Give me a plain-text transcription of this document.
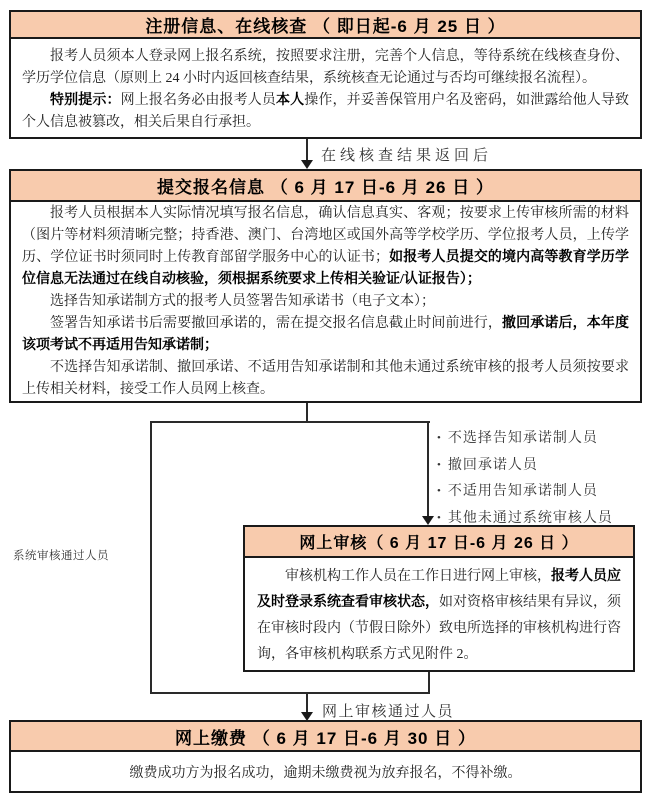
注册信息、在线核查 （ 即日起-6 月 25 日 ）

报考人员须本人登录网上报名系统，按照要求注册，完善个人信息，等待系统在线核查身份、学历学位信息（原则上 24 小时内返回核查结果，系统核查无论通过与否均可继续报名流程）。

特别提示：网上报名务必由报考人员本人操作，并妥善保管用户名及密码，如泄露给他人导致个人信息被篡改，相关后果自行承担。

在线核查结果返回后
提交报名信息 （ 6 月 17 日-6 月 26 日 ）

报考人员根据本人实际情况填写报名信息，确认信息真实、客观；按要求上传审核所需的材料（图片等材料须清晰完整；持香港、澳门、台湾地区或国外高等学校学历、学位报考人员，上传学历、学位证书时须同时上传教育部留学服务中心的认证书；如报考人员提交的境内高等教育学历学位信息无法通过在线自动核验，须根据系统要求上传相关验证/认证报告）；

选择告知承诺制方式的报考人员签署告知承诺书（电子文本）；

签署告知承诺书后需要撤回承诺的，需在提交报名信息截止时间前进行，撤回承诺后，本年度该项考试不再适用告知承诺制；

不选择告知承诺制、撤回承诺、不适用告知承诺制和其他未通过系统审核的报考人员须按要求上传相关材料，接受工作人员网上核查。

• 不选择告知承诺制人员
• 撤回承诺人员
• 不适用告知承诺制人员
• 其他未通过系统审核人员
系统审核通过人员
网上审核（ 6 月 17 日-6 月 26 日 ）

审核机构工作人员在工作日进行网上审核，报考人员应及时登录系统查看审核状态，如对资格审核结果有异议，须在审核时段内（节假日除外）致电所选择的审核机构进行咨询，各审核机构联系方式见附件 2。

网上审核通过人员
网上缴费 （ 6 月 17 日-6 月 30 日 ）
缴费成功方为报名成功，逾期未缴费视为放弃报名，不得补缴。
